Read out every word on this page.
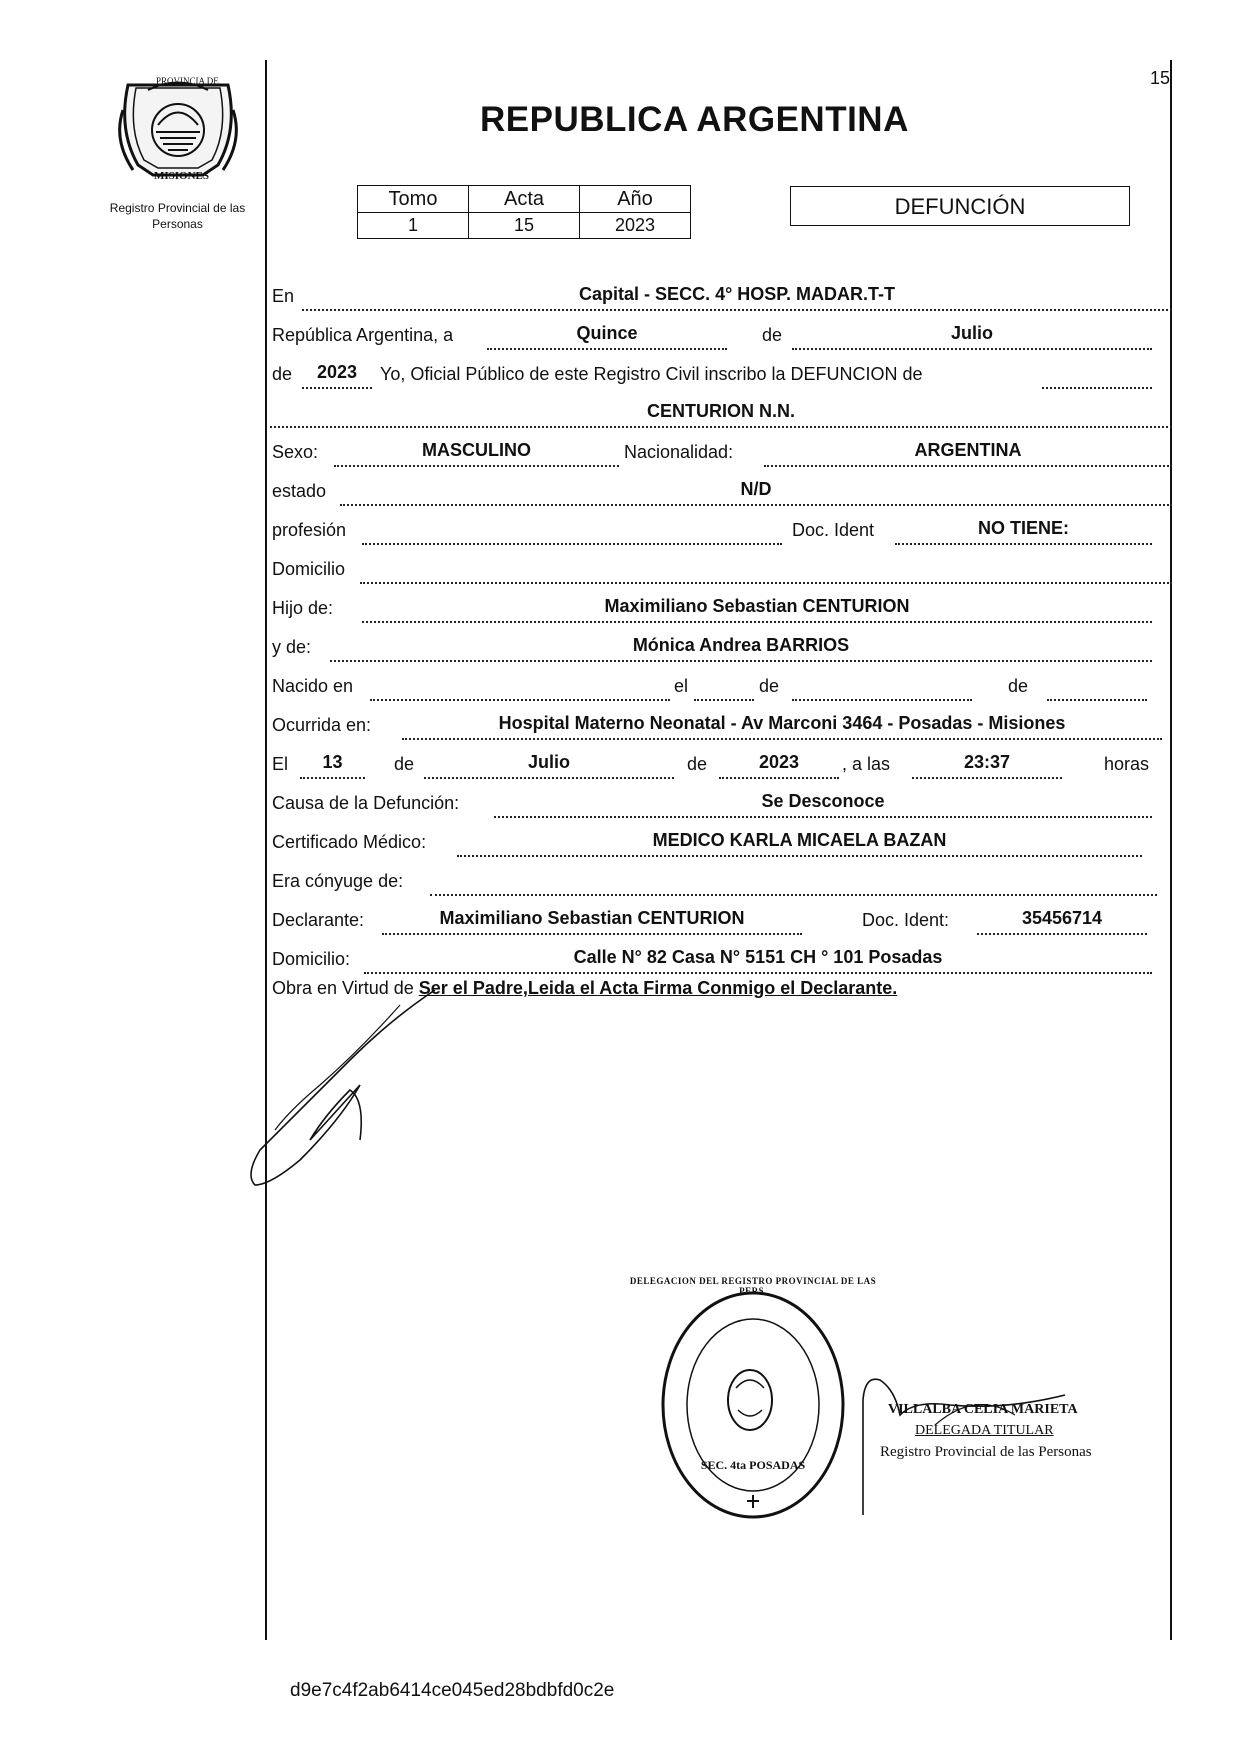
PROVINCIA DE
MISIONES
Registro Provincial de las Personas
15
REPUBLICA ARGENTINA
Tomo	Acta	Año
1	15	2023
DEFUNCIÓN
En	Capital - SECC. 4° HOSP. MADAR.T-T
República Argentina, a	Quince	de	Julio
de	2023	Yo, Oficial Público de este Registro Civil inscribo la DEFUNCION de
CENTURION N.N.
Sexo:	MASCULINO	Nacionalidad:	ARGENTINA
estado	N/D
profesión	Doc. Ident	NO TIENE:
Domicilio
Hijo de:	Maximiliano Sebastian CENTURION
y de:	Mónica Andrea BARRIOS
Nacido en	el	de	de
Ocurrida en:	Hospital Materno Neonatal - Av Marconi 3464 - Posadas - Misiones
El	13	de	Julio	de	2023	, a las	23:37	horas
Causa de la Defunción:	Se Desconoce
Certificado Médico:	MEDICO KARLA MICAELA BAZAN
Era cónyuge de:
Declarante:	Maximiliano Sebastian CENTURION	Doc. Ident:	35456714
Domicilio:	Calle N° 82 Casa N° 5151 CH ° 101 Posadas
Obra en Virtud de Ser el Padre,Leida el Acta Firma Conmigo el Declarante.
DELEGACION DEL REGISTRO PROVINCIAL DE LAS PERS.
SEC. 4ta POSADAS
VILLALBA CELIA MARIETA
DELEGADA TITULAR
Registro Provincial de las Personas
d9e7c4f2ab6414ce045ed28bdbfd0c2e
